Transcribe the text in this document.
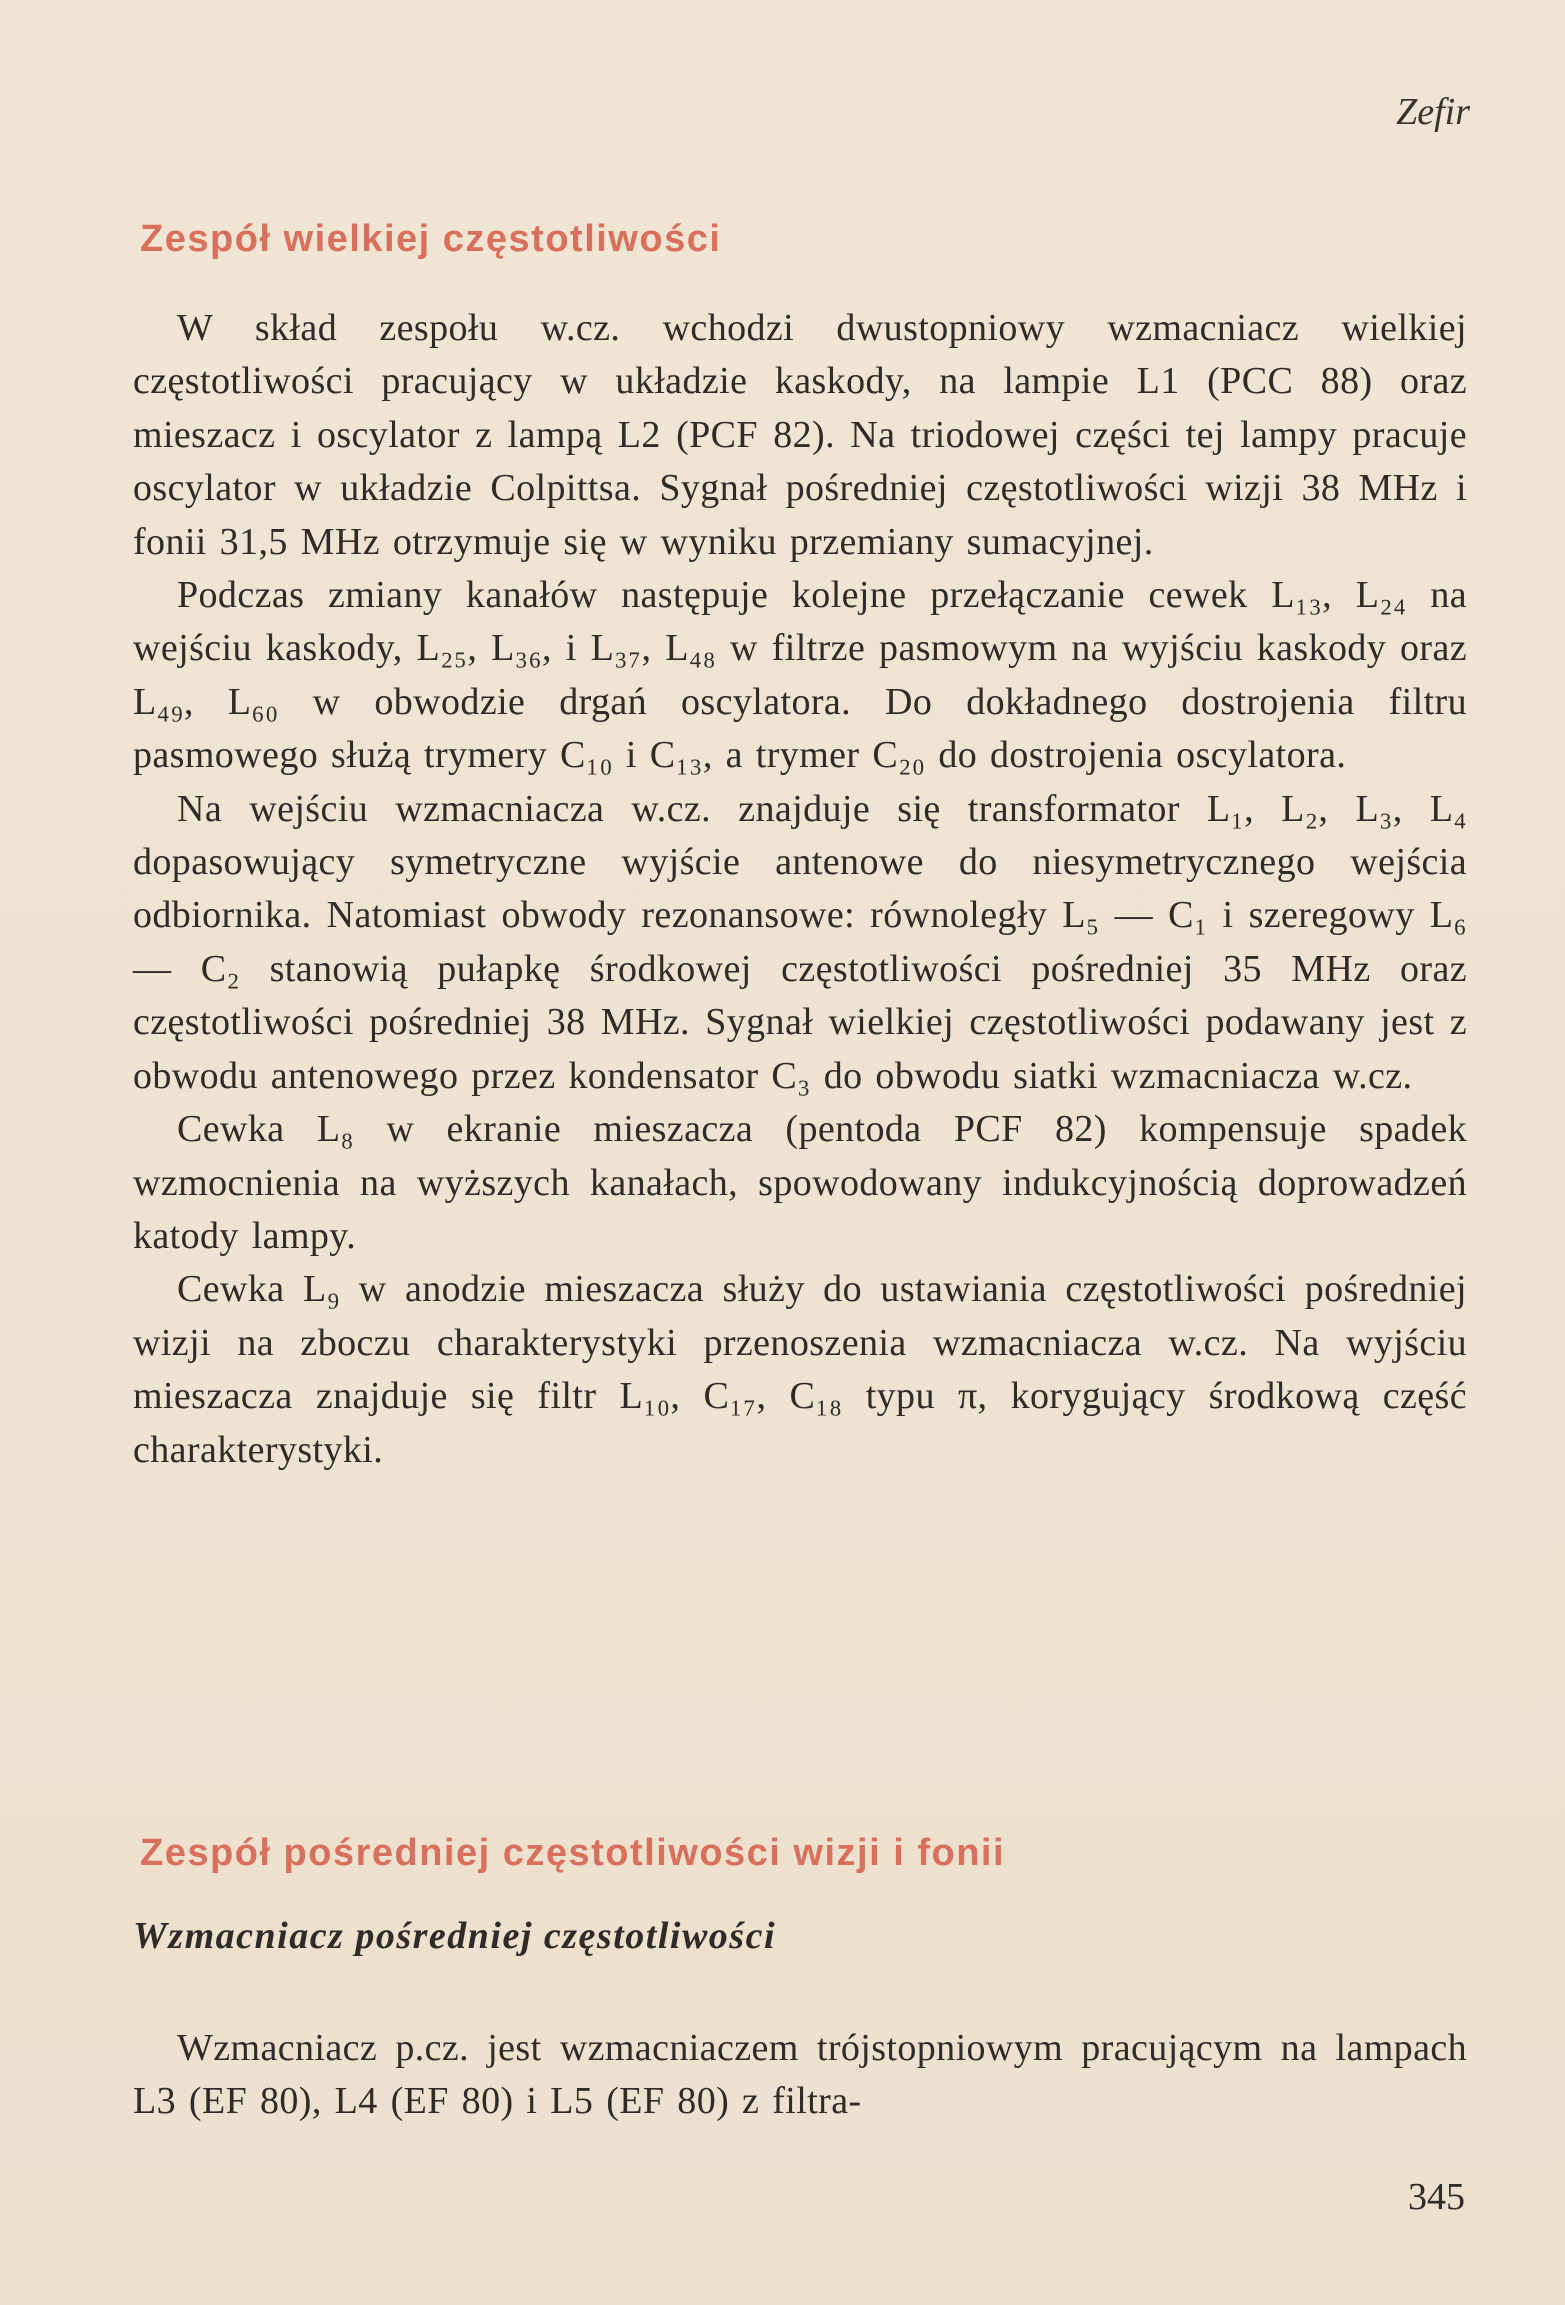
Zefir

Zespół wielkiej częstotliwości

W skład zespołu w.cz. wchodzi dwustopniowy wzmacniacz wielkiej częstotliwości pracujący w układzie kaskody, na lampie L1 (PCC 88) oraz mieszacz i oscylator z lampą L2 (PCF 82). Na triodowej części tej lampy pracuje oscylator w układzie Colpittsa. Sygnał pośredniej częstotliwości wizji 38 MHz i fonii 31,5 MHz otrzymuje się w wyniku przemiany sumacyjnej.

Podczas zmiany kanałów następuje kolejne przełączanie cewek L₁₃, L₂₄ na wejściu kaskody, L₂₅, L₃₆, i L₃₇, L₄₈ w filtrze pasmowym na wyjściu kaskody oraz L₄₉, L₆₀ w obwodzie drgań oscylatora. Do dokładnego dostrojenia filtru pasmowego służą trymery C₁₀ i C₁₃, a trymer C₂₀ do dostrojenia oscylatora.

Na wejściu wzmacniacza w.cz. znajduje się transformator L₁, L₂, L₃, L₄ dopasowujący symetryczne wyjście antenowe do niesymetrycznego wejścia odbiornika. Natomiast obwody rezonansowe: równoległy L₅ — C₁ i szeregowy L₆ — C₂ stanowią pułapkę środkowej częstotliwości pośredniej 35 MHz oraz częstotliwości pośredniej 38 MHz. Sygnał wielkiej częstotliwości podawany jest z obwodu antenowego przez kondensator C₃ do obwodu siatki wzmacniacza w.cz.

Cewka L₈ w ekranie mieszacza (pentoda PCF 82) kompensuje spadek wzmocnienia na wyższych kanałach, spowodowany indukcyjnością doprowadzeń katody lampy.

Cewka L₉ w anodzie mieszacza służy do ustawiania częstotliwości pośredniej wizji na zboczu charakterystyki przenoszenia wzmacniacza w.cz. Na wyjściu mieszacza znajduje się filtr L₁₀, C₁₇, C₁₈ typu π, korygujący środkową część charakterystyki.

Zespół pośredniej częstotliwości wizji i fonii
Wzmacniacz pośredniej częstotliwości

Wzmacniacz p.cz. jest wzmacniaczem trójstopniowym pracującym na lampach L3 (EF 80), L4 (EF 80) i L5 (EF 80) z filtra-

345
